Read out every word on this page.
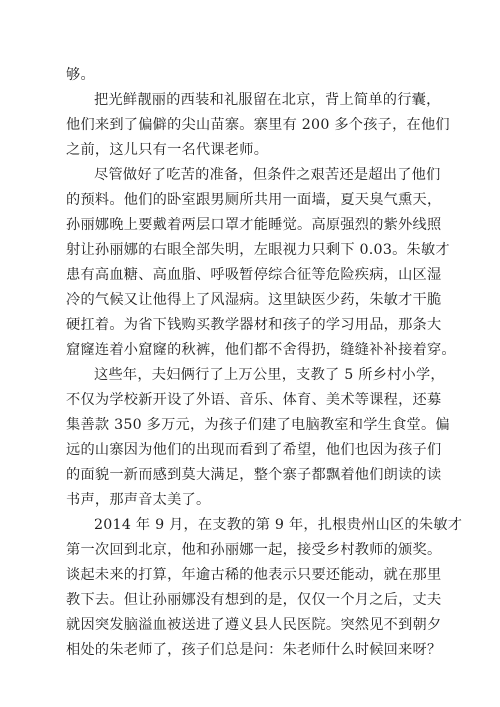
够。
把光鲜靓丽的西装和礼服留在北京，背上简单的行囊，
他们来到了偏僻的尖山苗寨。寨里有 200 多个孩子，在他们
之前，这儿只有一名代课老师。
尽管做好了吃苦的准备，但条件之艰苦还是超出了他们
的预料。他们的卧室跟男厕所共用一面墙，夏天臭气熏天，
孙丽娜晚上要戴着两层口罩才能睡觉。高原强烈的紫外线照
射让孙丽娜的右眼全部失明，左眼视力只剩下 0.03。朱敏才
患有高血糖、高血脂、呼吸暂停综合征等危险疾病，山区湿
冷的气候又让他得上了风湿病。这里缺医少药，朱敏才干脆
硬扛着。为省下钱购买教学器材和孩子的学习用品，那条大
窟窿连着小窟窿的秋裤，他们都不舍得扔，缝缝补补接着穿。
这些年，夫妇俩行了上万公里，支教了 5 所乡村小学，
不仅为学校新开设了外语、音乐、体育、美术等课程，还募
集善款 350 多万元，为孩子们建了电脑教室和学生食堂。偏
远的山寨因为他们的出现而看到了希望，他们也因为孩子们
的面貌一新而感到莫大满足，整个寨子都飘着他们朗读的读
书声，那声音太美了。
2014 年 9 月，在支教的第 9 年，扎根贵州山区的朱敏才
第一次回到北京，他和孙丽娜一起，接受乡村教师的颁奖。
谈起未来的打算，年逾古稀的他表示只要还能动，就在那里
教下去。但让孙丽娜没有想到的是，仅仅一个月之后，丈夫
就因突发脑溢血被送进了遵义县人民医院。突然见不到朝夕
相处的朱老师了，孩子们总是问：朱老师什么时候回来呀？
